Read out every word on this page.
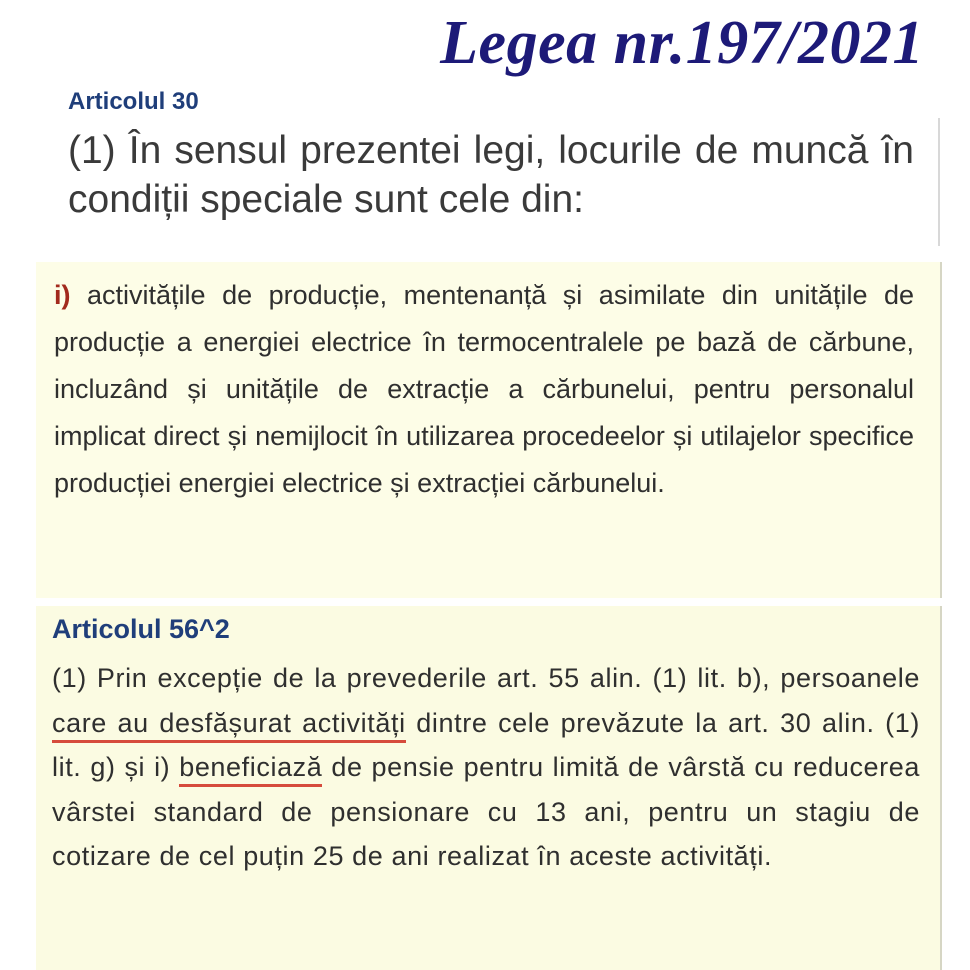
Legea nr.197/2021
Articolul 30
(1) În sensul prezentei legi, locurile de muncă în condiții speciale sunt cele din:
i) activitățile de producție, mentenanță și asimilate din unitățile de producție a energiei electrice în termocentralele pe bază de cărbune, incluzând și unitățile de extracție a cărbunelui, pentru personalul implicat direct și nemijlocit în utilizarea procedeelor și utilajelor specifice producției energiei electrice și extracției cărbunelui.
Articolul 56^2
(1) Prin excepție de la prevederile art. 55 alin. (1) lit. b), persoanele care au desfășurat activități dintre cele prevăzute la art. 30 alin. (1) lit. g) și i) beneficiază de pensie pentru limită de vârstă cu reducerea vârstei standard de pensionare cu 13 ani, pentru un stagiu de cotizare de cel puțin 25 de ani realizat în aceste activități.
